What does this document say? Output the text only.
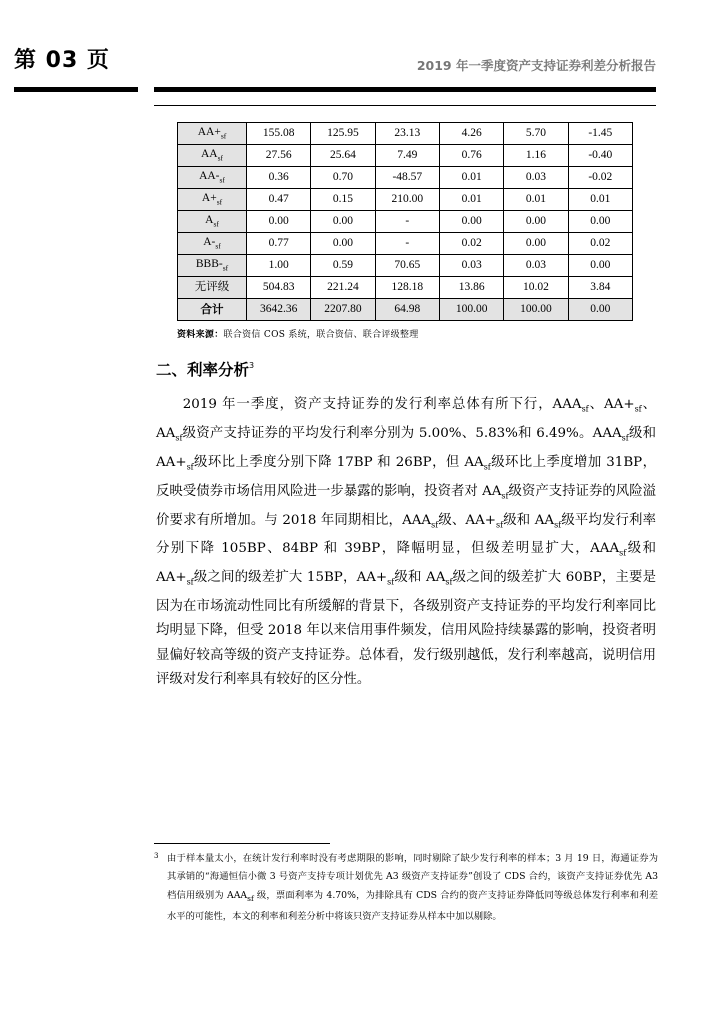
第 03 页	2019 年一季度资产支持证券利差分析报告
$AA+_{sf}$	155.08	125.95	23.13	4.26	5.70	-1.45
$AA_{sf}$	27.56	25.64	7.49	0.76	1.16	-0.40
$AA-_{sf}$	0.36	0.70	-48.57	0.01	0.03	-0.02
$A+_{sf}$	0.47	0.15	210.00	0.01	0.01	0.01
$A_{sf}$	0.00	0.00	-	0.00	0.00	0.00
$A-_{sf}$	0.77	0.00	-	0.02	0.00	0.02
BBB-$_{sf}$	1.00	0.59	70.65	0.03	0.03	0.00
无评级	504.83	221.24	128.18	13.86	10.02	3.84
合计	3642.36	2207.80	64.98	100.00	100.00	0.00
资料来源：联合资信 COS 系统，联合资信、联合评级整理
二、利率分析$^3$

  2019 年一季度，资产支持证券的发行利率总体有所下行，$AAA_{sf}$、$AA+_{sf}$、$AA_{sf}$级资产支持证券的平均发行利率分别为 5.00%、5.83%和 6.49%。$AAA_{sf}$级和 $AA+_{sf}$级环比上季度分别下降 17BP 和 26BP，但 $AA_{sf}$级环比上季度增加 31BP，反映受债券市场信用风险进一步暴露的影响，投资者对 $AA_{sf}$级资产支持证券的风险溢价要求有所增加。与 2018 年同期相比，$AAA_{sf}$级、$AA+_{sf}$级和 $AA_{sf}$级平均发行利率分别下降 105BP、84BP 和 39BP，降幅明显，但级差明显扩大，$AAA_{sf}$级和 $AA+_{sf}$级之间的级差扩大 15BP，$AA+_{sf}$级和 $AA_{sf}$级之间的级差扩大 60BP，主要是因为在市场流动性同比有所缓解的背景下，各级别资产支持证券的平均发行利率同比均明显下降，但受 2018 年以来信用事件频发，信用风险持续暴露的影响，投资者明显偏好较高等级的资产支持证券。总体看，发行级别越低，发行利率越高，说明信用评级对发行利率具有较好的区分性。

3 由于样本量太小，在统计发行利率时没有考虑期限的影响，同时剔除了缺少发行利率的样本；3 月 19 日，海通证券为其承销的“海通恒信小微 3 号资产支持专项计划优先 A3 级资产支持证券”创设了 CDS 合约，该资产支持证券优先 A3 档信用级别为 $AAA_{sf}$ 级，票面利率为 4.70%，为排除具有 CDS 合约的资产支持证券降低同等级总体发行利率和利差水平的可能性，本文的利率和利差分析中将该只资产支持证券从样本中加以剔除。
